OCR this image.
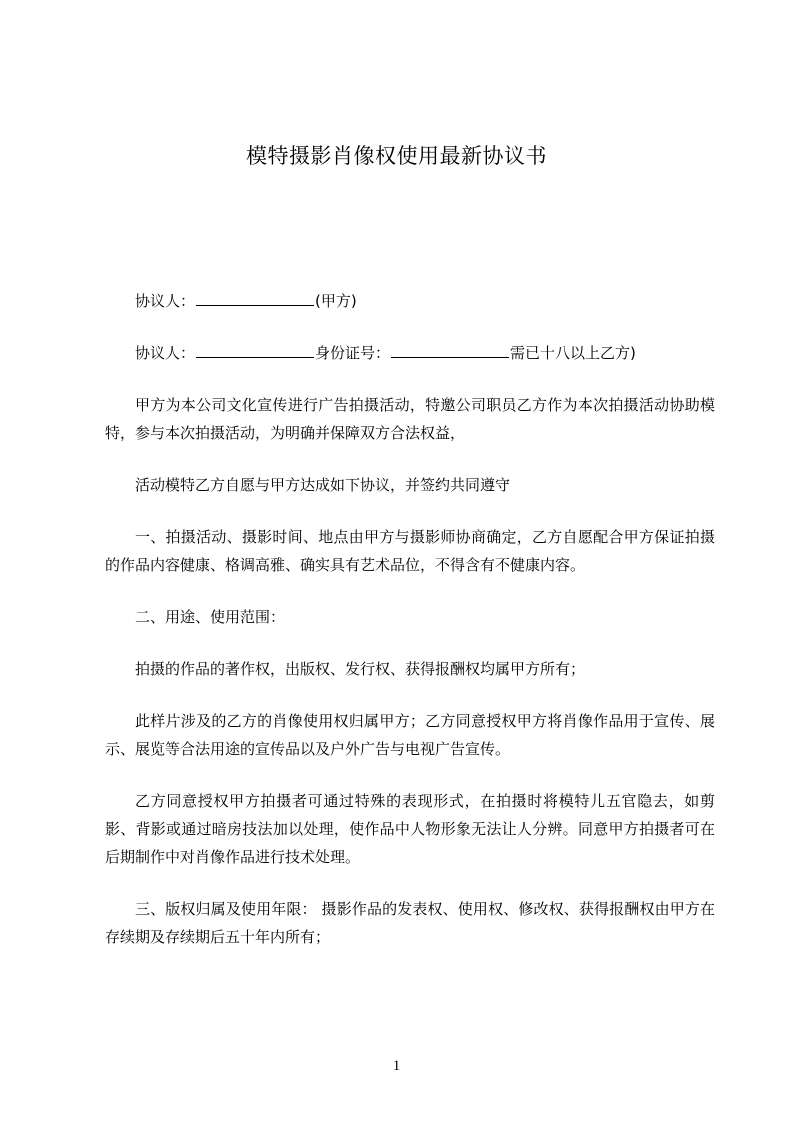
模特摄影肖像权使用最新协议书

协议人：	(甲方)

协议人：	身份证号：	需已十八以上乙方)

甲方为本公司文化宣传进行广告拍摄活动，特邀公司职员乙方作为本次拍摄活动协助模特，参与本次拍摄活动，为明确并保障双方合法权益，

活动模特乙方自愿与甲方达成如下协议，并签约共同遵守

一、拍摄活动、摄影时间、地点由甲方与摄影师协商确定，乙方自愿配合甲方保证拍摄的作品内容健康、格调高雅、确实具有艺术品位，不得含有不健康内容。

二、用途、使用范围：

拍摄的作品的著作权，出版权、发行权、获得报酬权均属甲方所有；

此样片涉及的乙方的肖像使用权归属甲方；乙方同意授权甲方将肖像作品用于宣传、展示、展览等合法用途的宣传品以及户外广告与电视广告宣传。

乙方同意授权甲方拍摄者可通过特殊的表现形式，在拍摄时将模特儿五官隐去，如剪影、背影或通过暗房技法加以处理，使作品中人物形象无法让人分辨。同意甲方拍摄者可在后期制作中对肖像作品进行技术处理。

三、版权归属及使用年限： 摄影作品的发表权、使用权、修改权、获得报酬权由甲方在存续期及存续期后五十年内所有；

1
